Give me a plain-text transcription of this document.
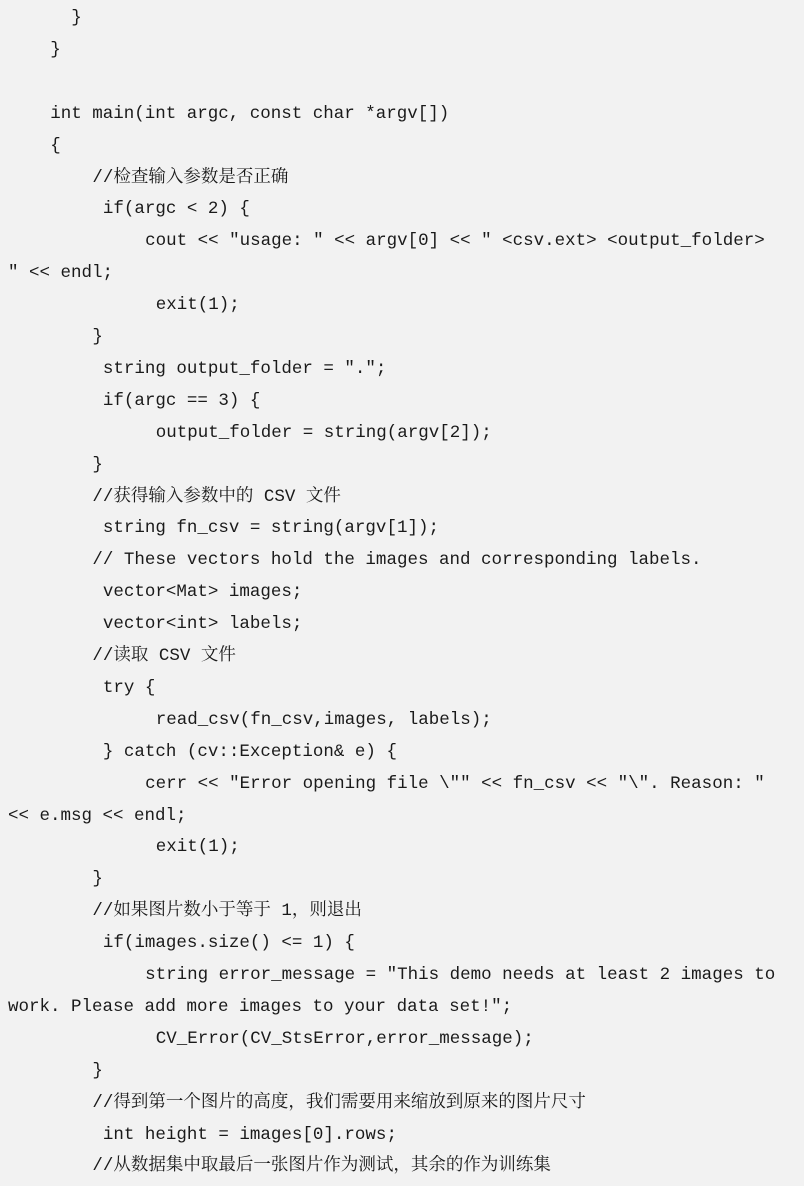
}
}
int main(int argc, const char *argv[])
{
//检查输入参数是否正确
if(argc < 2) {
cout << "usage: " << argv[0] << " <csv.ext> <output_folder>
" << endl;
exit(1);
}
string output_folder = ".";
if(argc == 3) {
output_folder = string(argv[2]);
}
//获得输入参数中的 CSV 文件
string fn_csv = string(argv[1]);
// These vectors hold the images and corresponding labels.
vector<Mat> images;
vector<int> labels;
//读取 CSV 文件
try {
read_csv(fn_csv,images, labels);
} catch (cv::Exception& e) {
cerr << "Error opening file \"" << fn_csv << "\". Reason: "
<< e.msg << endl;
exit(1);
}
//如果图片数小于等于 1，则退出
if(images.size() <= 1) {
string error_message = "This demo needs at least 2 images to
work. Please add more images to your data set!";
CV_Error(CV_StsError,error_message);
}
//得到第一个图片的高度，我们需要用来缩放到原来的图片尺寸
int height = images[0].rows;
//从数据集中取最后一张图片作为测试，其余的作为训练集
